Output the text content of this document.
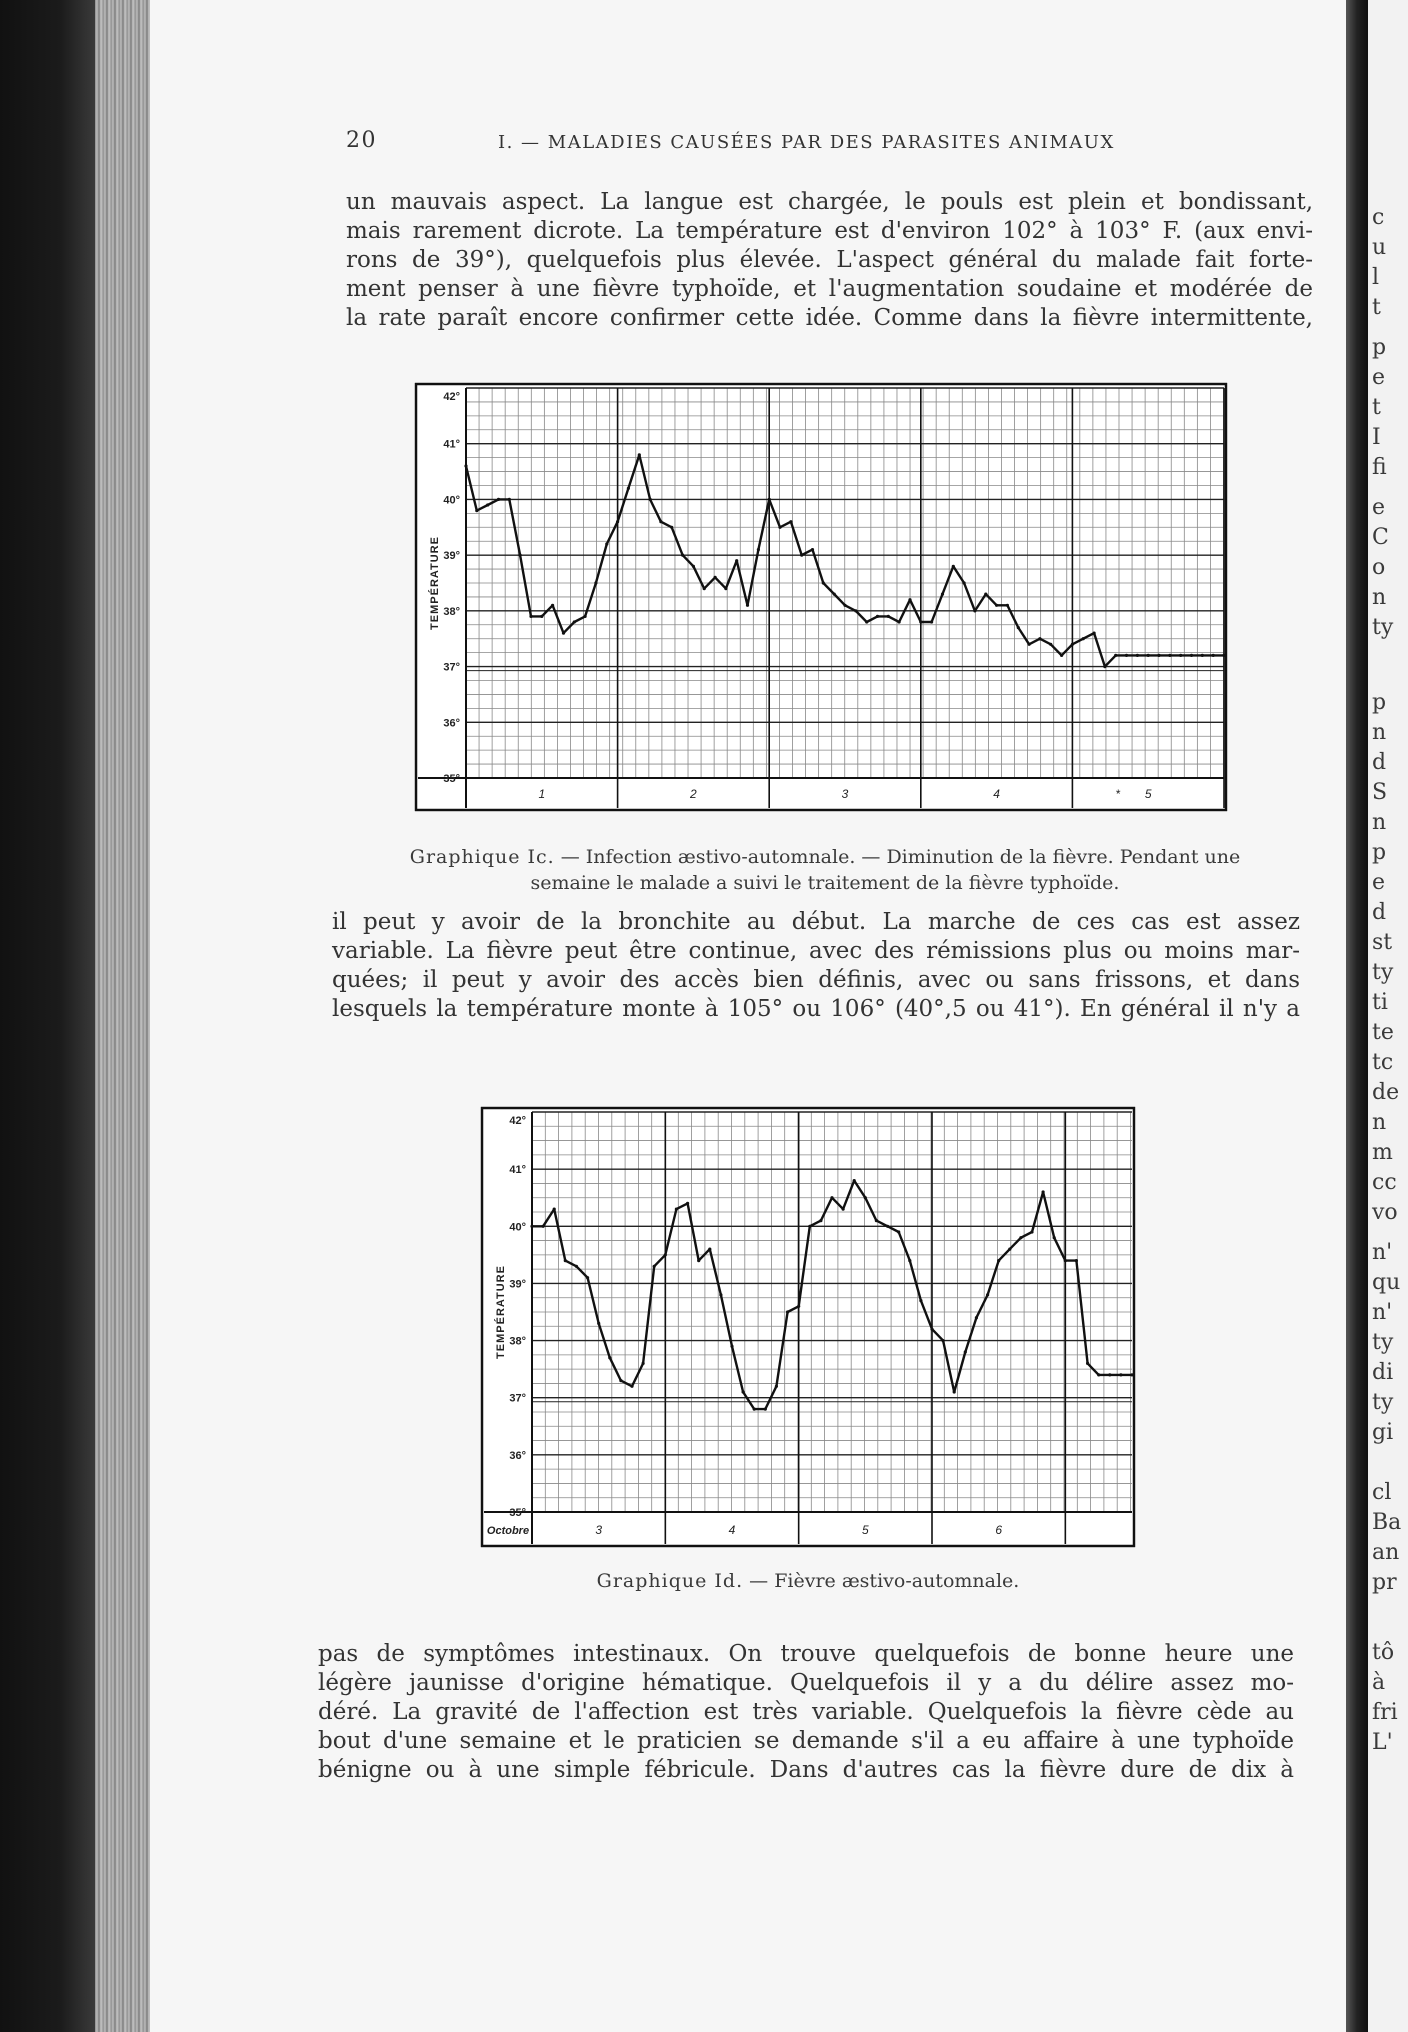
c
u
l
t
p
e
t
I
fi
e
C
o
n
ty
p
n
d
S
n
p
e
d
st
ty
ti
te
tc
de
n
m
cc
vo
n'
qu
n'
ty
di
ty
gi
cl
Ba
an
pr
tô
à
fri
L'
20	I. — MALADIES CAUSÉES PAR DES PARASITES ANIMAUX
un mauvais aspect. La langue est chargée, le pouls est plein et bondissant,
mais rarement dicrote. La température est d'environ 102° à 103° F. (aux envi-
rons de 39°), quelquefois plus élevée. L'aspect général du malade fait forte-
ment penser à une fièvre typhoïde, et l'augmentation soudaine et modérée de
la rate paraît encore confirmer cette idée. Comme dans la fièvre intermittente,
1	2	3	4	5
*
42°
41°
40°
39°
38°
37°
36°
35°
TEMPÉRATURE
Graphique Ic. — Infection æstivo-automnale. — Diminution de la fièvre. Pendant une
semaine le malade a suivi le traitement de la fièvre typhoïde.
il peut y avoir de la bronchite au début. La marche de ces cas est assez
variable. La fièvre peut être continue, avec des rémissions plus ou moins mar-
quées; il peut y avoir des accès bien définis, avec ou sans frissons, et dans
lesquels la température monte à 105° ou 106° (40°,5 ou 41°). En général il n'y a
3	4	5	6
Octobre
42°
41°
40°
39°
38°
37°
36°
35°
TEMPÉRATURE
Graphique Id. — Fièvre æstivo-automnale.
pas de symptômes intestinaux. On trouve quelquefois de bonne heure une
légère jaunisse d'origine hématique. Quelquefois il y a du délire assez mo-
déré. La gravité de l'affection est très variable. Quelquefois la fièvre cède au
bout d'une semaine et le praticien se demande s'il a eu affaire à une typhoïde
bénigne ou à une simple fébricule. Dans d'autres cas la fièvre dure de dix à
